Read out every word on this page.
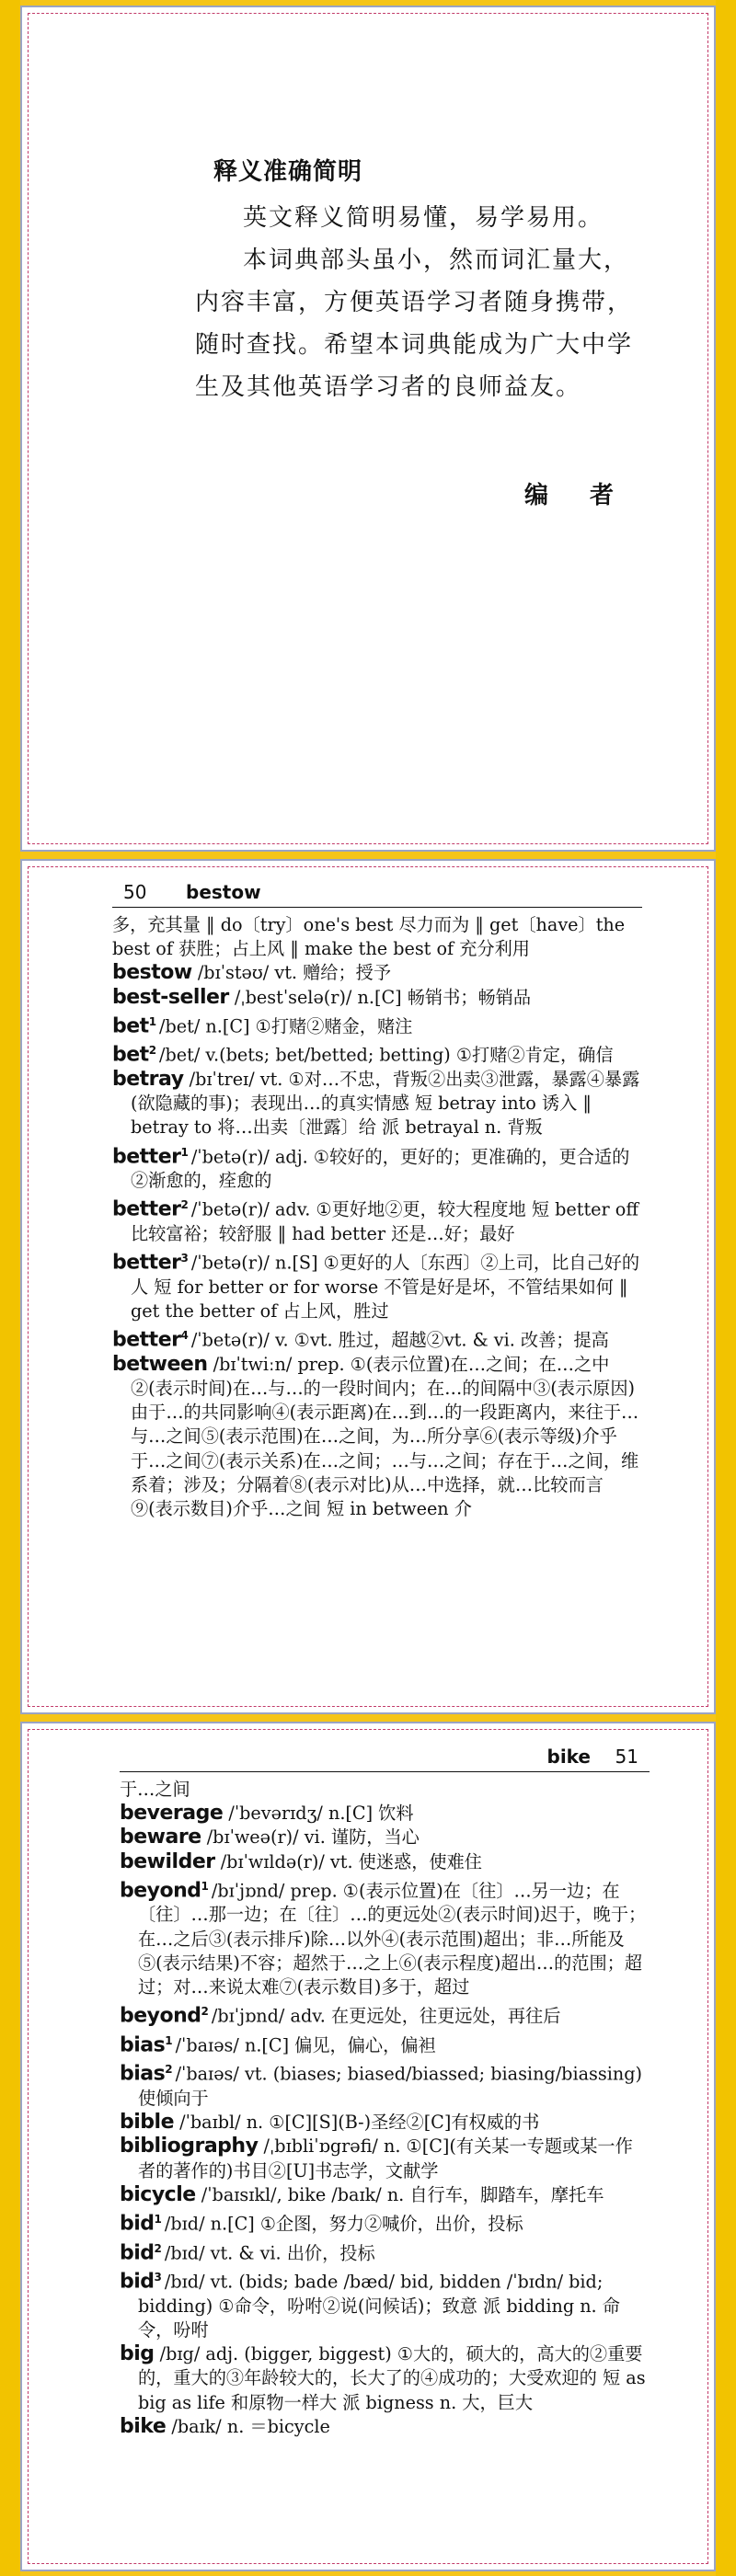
释义准确简明

英文释义简明易懂，易学易用。

本词典部头虽小，然而词汇量大，内容丰富，方便英语学习者随身携带，随时查找。希望本词典能成为广大中学生及其他英语学习者的良师益友。

编 者
50 bestow
多，充其量 ‖ do〔try〕one's best 尽力而为 ‖ get〔have〕the best of 获胜；占上风 ‖ make the best of 充分利用
bestow /bɪˈstəʊ/ vt. 赠给；授予
best-seller /ˌbestˈselə(r)/ n.[C] 畅销书；畅销品
bet$^1$ /bet/ n.[C] ①打赌②赌金，赌注
bet$^2$ /bet/ v.(bets; bet/betted; betting) ①打赌②肯定，确信
betray /bɪˈtreɪ/ vt. ①对…不忠，背叛②出卖③泄露，暴露④暴露(欲隐藏的事)；表现出…的真实情感 短 betray into 诱入 ‖ betray to 将…出卖〔泄露〕给 派 betrayal n. 背叛
better$^1$ /ˈbetə(r)/ adj. ①较好的，更好的；更准确的，更合适的②渐愈的，痊愈的
better$^2$ /ˈbetə(r)/ adv. ①更好地②更，较大程度地 短 better off 比较富裕；较舒服 ‖ had better 还是…好；最好
better$^3$ /ˈbetə(r)/ n.[S] ①更好的人〔东西〕②上司，比自己好的人 短 for better or for worse 不管是好是坏，不管结果如何 ‖ get the better of 占上风，胜过
better$^4$ /ˈbetə(r)/ v. ①vt. 胜过，超越②vt. & vi. 改善；提高
between /bɪˈtwiːn/ prep. ①(表示位置)在…之间；在…之中②(表示时间)在…与…的一段时间内；在…的间隔中③(表示原因)由于…的共同影响④(表示距离)在…到…的一段距离内，来往于…与…之间⑤(表示范围)在…之间，为…所分享⑥(表示等级)介乎于…之间⑦(表示关系)在…之间；…与…之间；存在于…之间，维系着；涉及；分隔着⑧(表示对比)从…中选择，就…比较而言⑨(表示数目)介乎…之间 短 in between 介
bike 51
于…之间
beverage /ˈbevərɪdʒ/ n.[C] 饮料
beware /bɪˈweə(r)/ vi. 谨防，当心
bewilder /bɪˈwɪldə(r)/ vt. 使迷惑，使难住
beyond$^1$ /bɪˈjɒnd/ prep. ①(表示位置)在〔往〕…另一边；在〔往〕…那一边；在〔往〕…的更远处②(表示时间)迟于，晚于；在…之后③(表示排斥)除…以外④(表示范围)超出；非…所能及⑤(表示结果)不容；超然于…之上⑥(表示程度)超出…的范围；超过；对…来说太难⑦(表示数目)多于，超过
beyond$^2$ /bɪˈjɒnd/ adv. 在更远处，往更远处，再往后
bias$^1$ /ˈbaɪəs/ n.[C] 偏见，偏心，偏袒
bias$^2$ /ˈbaɪəs/ vt. (biases; biased/biassed; biasing/biassing) 使倾向于
bible /ˈbaɪbl/ n. ①[C][S](B-)圣经②[C]有权威的书
bibliography /ˌbɪbliˈɒgrəfi/ n. ①[C](有关某一专题或某一作者的著作的)书目②[U]书志学，文献学
bicycle /ˈbaɪsɪkl/, bike /baɪk/ n. 自行车，脚踏车，摩托车
bid$^1$ /bɪd/ n.[C] ①企图，努力②喊价，出价，投标
bid$^2$ /bɪd/ vt. & vi. 出价，投标
bid$^3$ /bɪd/ vt. (bids; bade /bæd/ bid, bidden /ˈbɪdn/ bid; bidding) ①命令，吩咐②说(问候话)；致意 派 bidding n. 命令，吩咐
big /bɪg/ adj. (bigger, biggest) ①大的，硕大的，高大的②重要的，重大的③年龄较大的，长大了的④成功的；大受欢迎的 短 as big as life 和原物一样大 派 bigness n. 大，巨大
bike /baɪk/ n. ＝bicycle
